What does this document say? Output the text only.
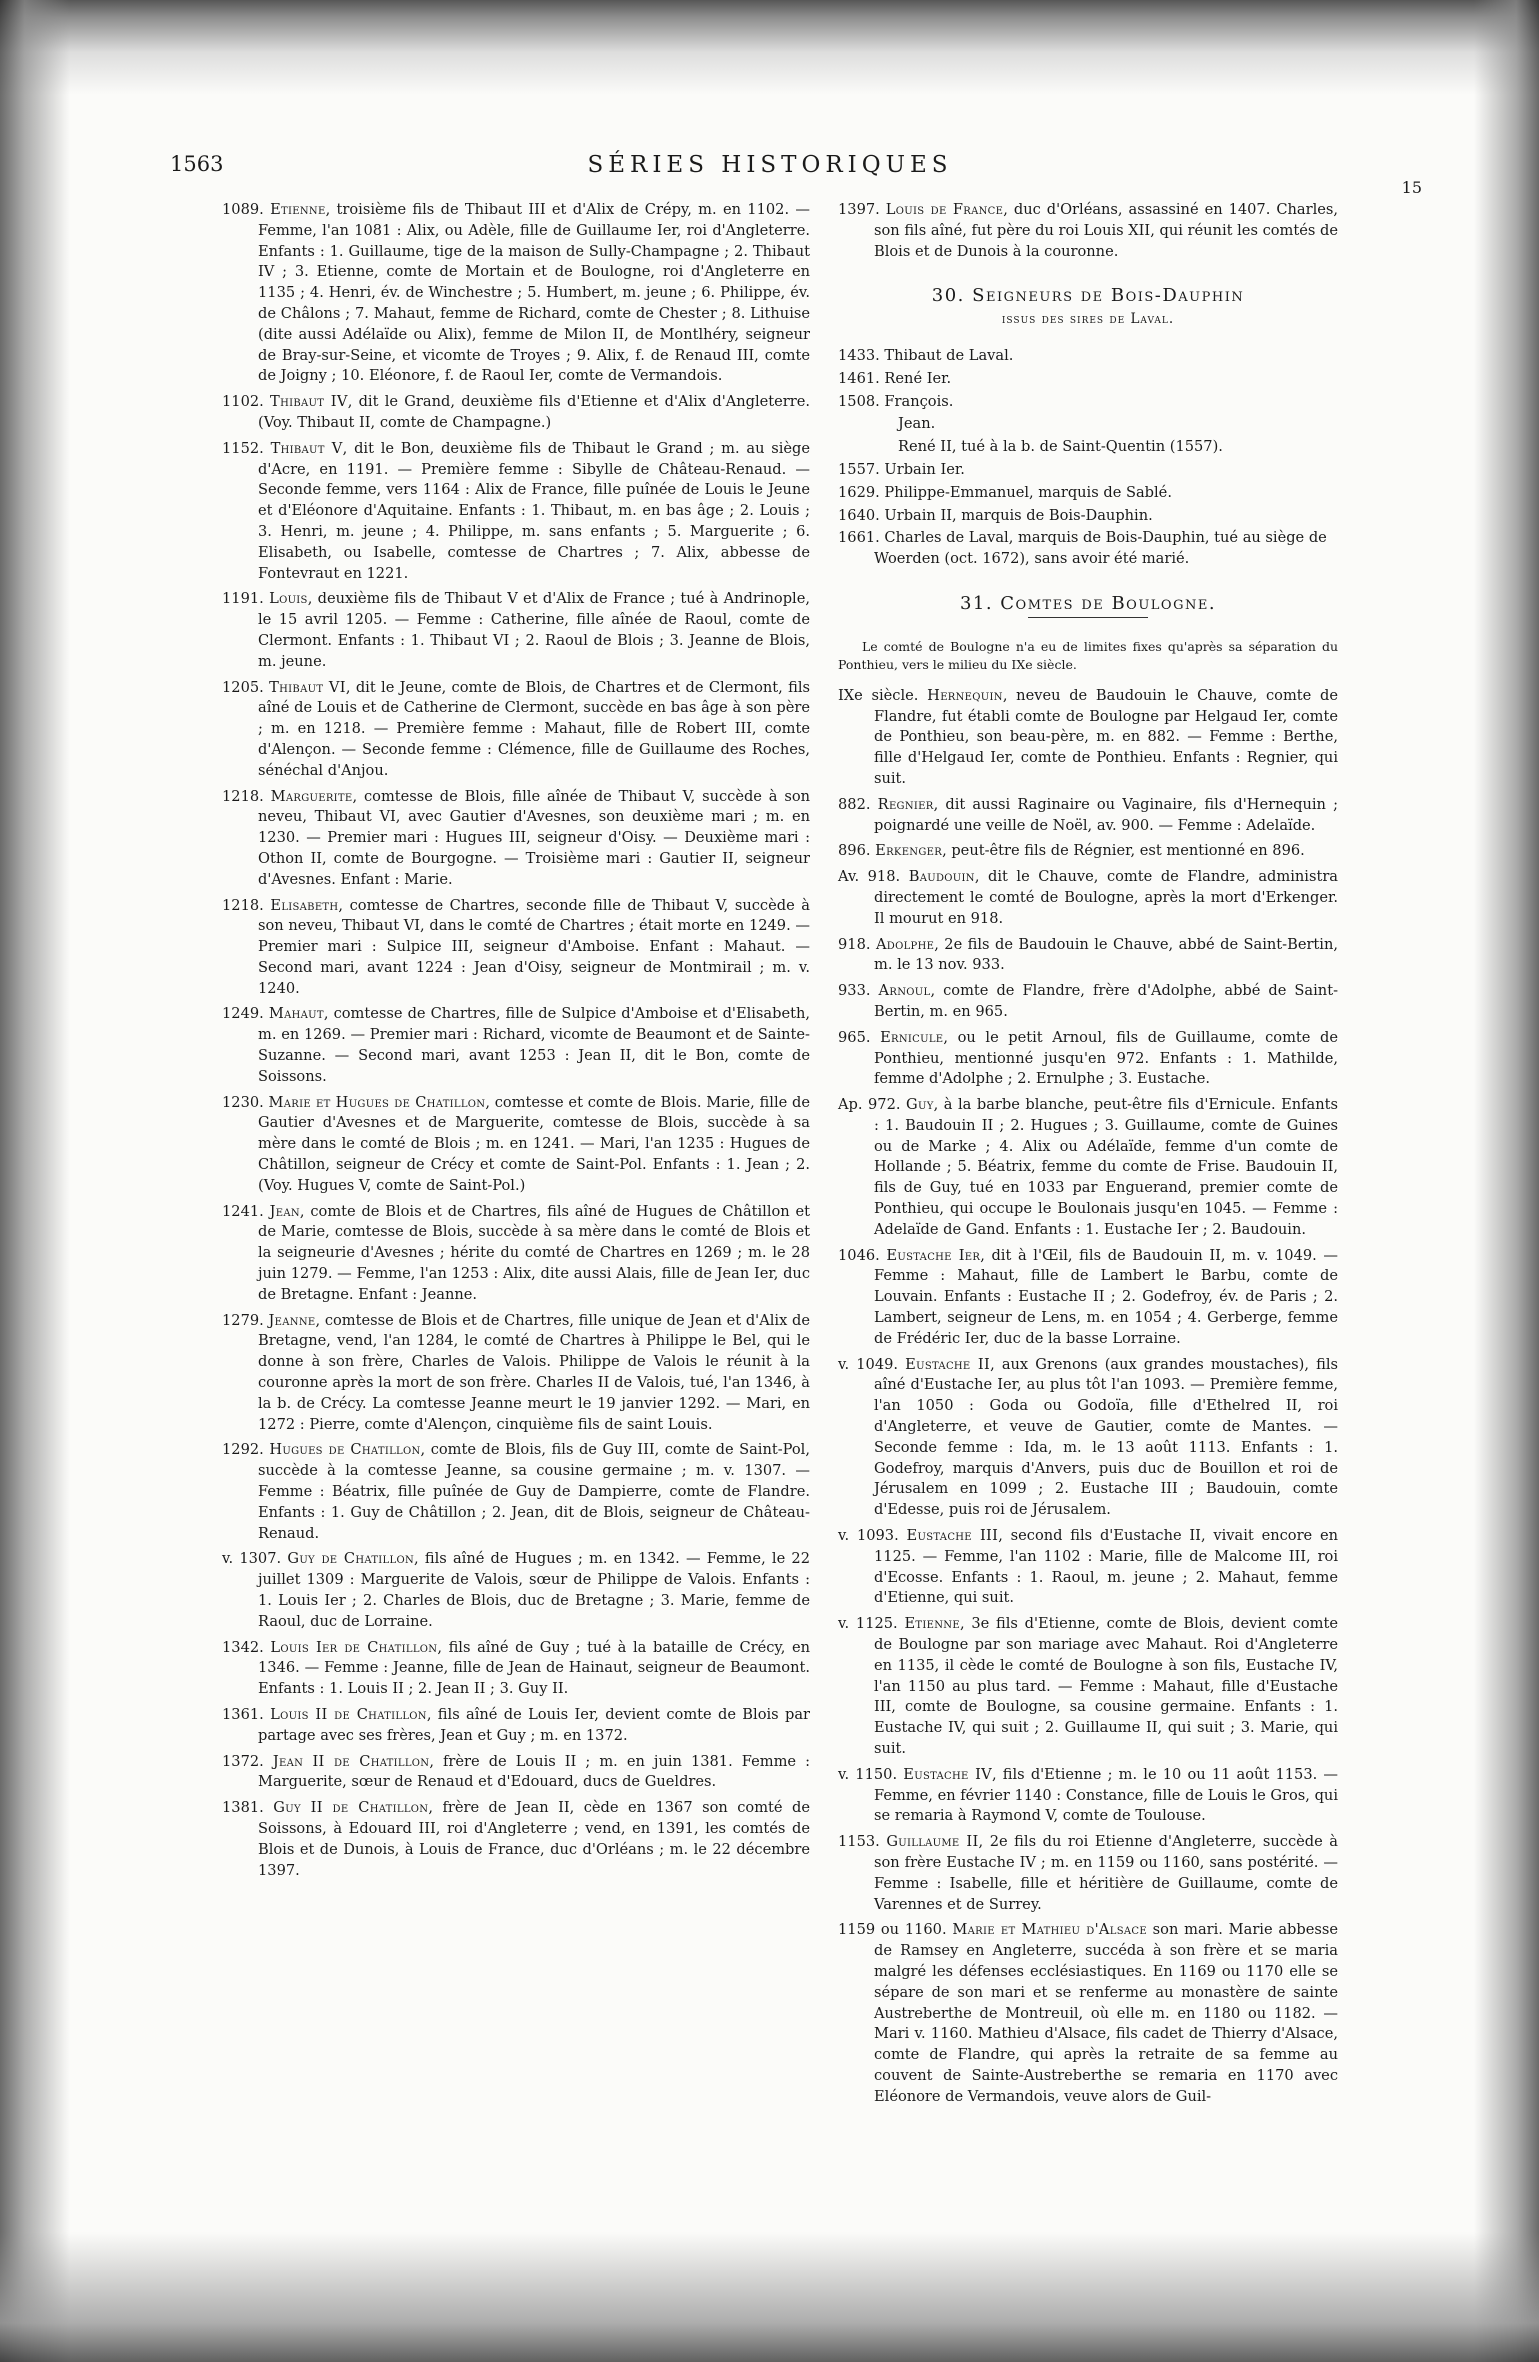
1563	SÉRIES HISTORIQUES
15

1089. Etienne, troisième fils de Thibaut III et d'Alix de Crépy, m. en 1102. — Femme, l'an 1081 : Alix, ou Adèle, fille de Guillaume Ier, roi d'Angleterre. Enfants : 1. Guillaume, tige de la maison de Sully-Champagne ; 2. Thibaut IV ; 3. Etienne, comte de Mortain et de Boulogne, roi d'Angleterre en 1135 ; 4. Henri, év. de Winchestre ; 5. Humbert, m. jeune ; 6. Philippe, év. de Châlons ; 7. Mahaut, femme de Richard, comte de Chester ; 8. Lithuise (dite aussi Adélaïde ou Alix), femme de Milon II, de Montlhéry, seigneur de Bray-sur-Seine, et vicomte de Troyes ; 9. Alix, f. de Renaud III, comte de Joigny ; 10. Eléonore, f. de Raoul Ier, comte de Vermandois.

1102. Thibaut IV, dit le Grand, deuxième fils d'Etienne et d'Alix d'Angleterre. (Voy. Thibaut II, comte de Champagne.)

1152. Thibaut V, dit le Bon, deuxième fils de Thibaut le Grand ; m. au siège d'Acre, en 1191. — Première femme : Sibylle de Château-Renaud. — Seconde femme, vers 1164 : Alix de France, fille puînée de Louis le Jeune et d'Eléonore d'Aquitaine. Enfants : 1. Thibaut, m. en bas âge ; 2. Louis ; 3. Henri, m. jeune ; 4. Philippe, m. sans enfants ; 5. Marguerite ; 6. Elisabeth, ou Isabelle, comtesse de Chartres ; 7. Alix, abbesse de Fontevraut en 1221.

1191. Louis, deuxième fils de Thibaut V et d'Alix de France ; tué à Andrinople, le 15 avril 1205. — Femme : Catherine, fille aînée de Raoul, comte de Clermont. Enfants : 1. Thibaut VI ; 2. Raoul de Blois ; 3. Jeanne de Blois, m. jeune.

1205. Thibaut VI, dit le Jeune, comte de Blois, de Chartres et de Clermont, fils aîné de Louis et de Catherine de Clermont, succède en bas âge à son père ; m. en 1218. — Première femme : Mahaut, fille de Robert III, comte d'Alençon. — Seconde femme : Clémence, fille de Guillaume des Roches, sénéchal d'Anjou.

1218. Marguerite, comtesse de Blois, fille aînée de Thibaut V, succède à son neveu, Thibaut VI, avec Gautier d'Avesnes, son deuxième mari ; m. en 1230. — Premier mari : Hugues III, seigneur d'Oisy. — Deuxième mari : Othon II, comte de Bourgogne. — Troisième mari : Gautier II, seigneur d'Avesnes. Enfant : Marie.

1218. Elisabeth, comtesse de Chartres, seconde fille de Thibaut V, succède à son neveu, Thibaut VI, dans le comté de Chartres ; était morte en 1249. — Premier mari : Sulpice III, seigneur d'Amboise. Enfant : Mahaut. — Second mari, avant 1224 : Jean d'Oisy, seigneur de Montmirail ; m. v. 1240.

1249. Mahaut, comtesse de Chartres, fille de Sulpice d'Amboise et d'Elisabeth, m. en 1269. — Premier mari : Richard, vicomte de Beaumont et de Sainte-Suzanne. — Second mari, avant 1253 : Jean II, dit le Bon, comte de Soissons.

1230. Marie et Hugues de Chatillon, comtesse et comte de Blois. Marie, fille de Gautier d'Avesnes et de Marguerite, comtesse de Blois, succède à sa mère dans le comté de Blois ; m. en 1241. — Mari, l'an 1235 : Hugues de Châtillon, seigneur de Crécy et comte de Saint-Pol. Enfants : 1. Jean ; 2. (Voy. Hugues V, comte de Saint-Pol.)

1241. Jean, comte de Blois et de Chartres, fils aîné de Hugues de Châtillon et de Marie, comtesse de Blois, succède à sa mère dans le comté de Blois et la seigneurie d'Avesnes ; hérite du comté de Chartres en 1269 ; m. le 28 juin 1279. — Femme, l'an 1253 : Alix, dite aussi Alais, fille de Jean Ier, duc de Bretagne. Enfant : Jeanne.

1279. Jeanne, comtesse de Blois et de Chartres, fille unique de Jean et d'Alix de Bretagne, vend, l'an 1284, le comté de Chartres à Philippe le Bel, qui le donne à son frère, Charles de Valois. Philippe de Valois le réunit à la couronne après la mort de son frère. Charles II de Valois, tué, l'an 1346, à la b. de Crécy. La comtesse Jeanne meurt le 19 janvier 1292. — Mari, en 1272 : Pierre, comte d'Alençon, cinquième fils de saint Louis.

1292. Hugues de Chatillon, comte de Blois, fils de Guy III, comte de Saint-Pol, succède à la comtesse Jeanne, sa cousine germaine ; m. v. 1307. — Femme : Béatrix, fille puînée de Guy de Dampierre, comte de Flandre. Enfants : 1. Guy de Châtillon ; 2. Jean, dit de Blois, seigneur de Château-Renaud.

v. 1307. Guy de Chatillon, fils aîné de Hugues ; m. en 1342. — Femme, le 22 juillet 1309 : Marguerite de Valois, sœur de Philippe de Valois. Enfants : 1. Louis Ier ; 2. Charles de Blois, duc de Bretagne ; 3. Marie, femme de Raoul, duc de Lorraine.

1342. Louis Ier de Chatillon, fils aîné de Guy ; tué à la bataille de Crécy, en 1346. — Femme : Jeanne, fille de Jean de Hainaut, seigneur de Beaumont. Enfants : 1. Louis II ; 2. Jean II ; 3. Guy II.

1361. Louis II de Chatillon, fils aîné de Louis Ier, devient comte de Blois par partage avec ses frères, Jean et Guy ; m. en 1372.

1372. Jean II de Chatillon, frère de Louis II ; m. en juin 1381. Femme : Marguerite, sœur de Renaud et d'Edouard, ducs de Gueldres.

1381. Guy II de Chatillon, frère de Jean II, cède en 1367 son comté de Soissons, à Edouard III, roi d'Angleterre ; vend, en 1391, les comtés de Blois et de Dunois, à Louis de France, duc d'Orléans ; m. le 22 décembre 1397.

1397. Louis de France, duc d'Orléans, assassiné en 1407. Charles, son fils aîné, fut père du roi Louis XII, qui réunit les comtés de Blois et de Dunois à la couronne.

30. Seigneurs de Bois-Dauphin
issus des sires de Laval.

1433. Thibaut de Laval.

1461. René Ier.

1508. François.

Jean.

René II, tué à la b. de Saint-Quentin (1557).

1557. Urbain Ier.

1629. Philippe-Emmanuel, marquis de Sablé.

1640. Urbain II, marquis de Bois-Dauphin.

1661. Charles de Laval, marquis de Bois-Dauphin, tué au siège de Woerden (oct. 1672), sans avoir été marié.

31. Comtes de Boulogne.

Le comté de Boulogne n'a eu de limites fixes qu'après sa séparation du Ponthieu, vers le milieu du IXe siècle.

IXe siècle. Hernequin, neveu de Baudouin le Chauve, comte de Flandre, fut établi comte de Boulogne par Helgaud Ier, comte de Ponthieu, son beau-père, m. en 882. — Femme : Berthe, fille d'Helgaud Ier, comte de Ponthieu. Enfants : Regnier, qui suit.

882. Regnier, dit aussi Raginaire ou Vaginaire, fils d'Hernequin ; poignardé une veille de Noël, av. 900. — Femme : Adelaïde.

896. Erkenger, peut-être fils de Régnier, est mentionné en 896.

Av. 918. Baudouin, dit le Chauve, comte de Flandre, administra directement le comté de Boulogne, après la mort d'Erkenger. Il mourut en 918.

918. Adolphe, 2e fils de Baudouin le Chauve, abbé de Saint-Bertin, m. le 13 nov. 933.

933. Arnoul, comte de Flandre, frère d'Adolphe, abbé de Saint-Bertin, m. en 965.

965. Ernicule, ou le petit Arnoul, fils de Guillaume, comte de Ponthieu, mentionné jusqu'en 972. Enfants : 1. Mathilde, femme d'Adolphe ; 2. Ernulphe ; 3. Eustache.

Ap. 972. Guy, à la barbe blanche, peut-être fils d'Ernicule. Enfants : 1. Baudouin II ; 2. Hugues ; 3. Guillaume, comte de Guines ou de Marke ; 4. Alix ou Adélaïde, femme d'un comte de Hollande ; 5. Béatrix, femme du comte de Frise. Baudouin II, fils de Guy, tué en 1033 par Enguerand, premier comte de Ponthieu, qui occupe le Boulonais jusqu'en 1045. — Femme : Adelaïde de Gand. Enfants : 1. Eustache Ier ; 2. Baudouin.

1046. Eustache Ier, dit à l'Œil, fils de Baudouin II, m. v. 1049. — Femme : Mahaut, fille de Lambert le Barbu, comte de Louvain. Enfants : Eustache II ; 2. Godefroy, év. de Paris ; 2. Lambert, seigneur de Lens, m. en 1054 ; 4. Gerberge, femme de Frédéric Ier, duc de la basse Lorraine.

v. 1049. Eustache II, aux Grenons (aux grandes moustaches), fils aîné d'Eustache Ier, au plus tôt l'an 1093. — Première femme, l'an 1050 : Goda ou Godoïa, fille d'Ethelred II, roi d'Angleterre, et veuve de Gautier, comte de Mantes. — Seconde femme : Ida, m. le 13 août 1113. Enfants : 1. Godefroy, marquis d'Anvers, puis duc de Bouillon et roi de Jérusalem en 1099 ; 2. Eustache III ; Baudouin, comte d'Edesse, puis roi de Jérusalem.

v. 1093. Eustache III, second fils d'Eustache II, vivait encore en 1125. — Femme, l'an 1102 : Marie, fille de Malcome III, roi d'Ecosse. Enfants : 1. Raoul, m. jeune ; 2. Mahaut, femme d'Etienne, qui suit.

v. 1125. Etienne, 3e fils d'Etienne, comte de Blois, devient comte de Boulogne par son mariage avec Mahaut. Roi d'Angleterre en 1135, il cède le comté de Boulogne à son fils, Eustache IV, l'an 1150 au plus tard. — Femme : Mahaut, fille d'Eustache III, comte de Boulogne, sa cousine germaine. Enfants : 1. Eustache IV, qui suit ; 2. Guillaume II, qui suit ; 3. Marie, qui suit.

v. 1150. Eustache IV, fils d'Etienne ; m. le 10 ou 11 août 1153. — Femme, en février 1140 : Constance, fille de Louis le Gros, qui se remaria à Raymond V, comte de Toulouse.

1153. Guillaume II, 2e fils du roi Etienne d'Angleterre, succède à son frère Eustache IV ; m. en 1159 ou 1160, sans postérité. — Femme : Isabelle, fille et héritière de Guillaume, comte de Varennes et de Surrey.

1159 ou 1160. Marie et Mathieu d'Alsace son mari. Marie abbesse de Ramsey en Angleterre, succéda à son frère et se maria malgré les défenses ecclésiastiques. En 1169 ou 1170 elle se sépare de son mari et se renferme au monastère de sainte Austreberthe de Montreuil, où elle m. en 1180 ou 1182. — Mari v. 1160. Mathieu d'Alsace, fils cadet de Thierry d'Alsace, comte de Flandre, qui après la retraite de sa femme au couvent de Sainte-Austreberthe se remaria en 1170 avec Eléonore de Vermandois, veuve alors de Guil-
